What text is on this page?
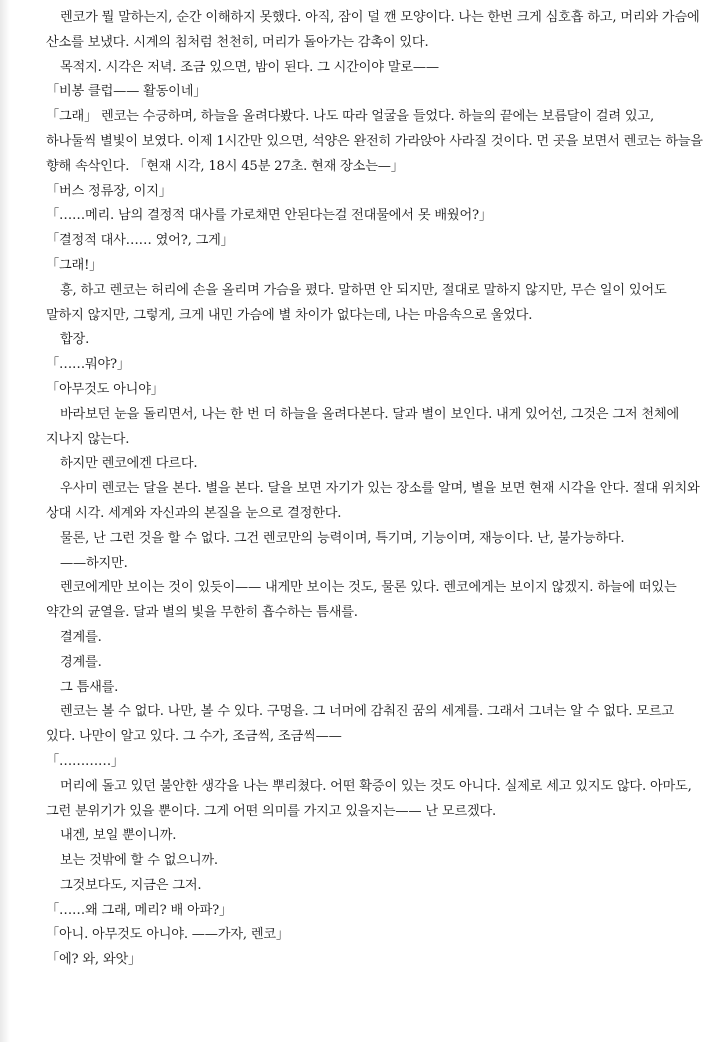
렌코가 뭘 말하는지, 순간 이해하지 못했다. 아직, 잠이 덜 깬 모양이다. 나는 한번 크게 심호흡 하고, 머리와 가슴에 산소를 보냈다. 시계의 침처럼 천천히, 머리가 돌아가는 감촉이 있다.

목적지. 시각은 저녁. 조금 있으면, 밤이 된다. 그 시간이야 말로——

「비봉 클럽—— 활동이네」

「그래」 렌코는 수긍하며, 하늘을 올려다봤다. 나도 따라 얼굴을 들었다. 하늘의 끝에는 보름달이 걸려 있고, 하나둘씩 별빛이 보였다. 이제 1시간만 있으면, 석양은 완전히 가라앉아 사라질 것이다. 먼 곳을 보면서 렌코는 하늘을 향해 속삭인다. 「현재 시각, 18시 45분 27초. 현재 장소는—」

「버스 정류장, 이지」

「……메리. 남의 결정적 대사를 가로채면 안된다는걸 전대물에서 못 배웠어?」

「결정적 대사…… 였어?, 그게」

「그래!」

흥, 하고 렌코는 허리에 손을 올리며 가슴을 폈다. 말하면 안 되지만, 절대로 말하지 않지만, 무슨 일이 있어도 말하지 않지만, 그렇게, 크게 내민 가슴에 별 차이가 없다는데, 나는 마음속으로 울었다.

합장.

「……뭐야?」

「아무것도 아니야」

바라보던 눈을 돌리면서, 나는 한 번 더 하늘을 올려다본다. 달과 별이 보인다. 내게 있어선, 그것은 그저 천체에 지나지 않는다.

하지만 렌코에겐 다르다.

우사미 렌코는 달을 본다. 별을 본다. 달을 보면 자기가 있는 장소를 알며, 별을 보면 현재 시각을 안다. 절대 위치와 상대 시각. 세계와 자신과의 본질을 눈으로 결정한다.

물론, 난 그런 것을 할 수 없다. 그건 렌코만의 능력이며, 특기며, 기능이며, 재능이다. 난, 불가능하다.

——하지만.

렌코에게만 보이는 것이 있듯이—— 내게만 보이는 것도, 물론 있다. 렌코에게는 보이지 않겠지. 하늘에 떠있는 약간의 균열을. 달과 별의 빛을 무한히 흡수하는 틈새를.

결계를.

경계를.

그 틈새를.

렌코는 볼 수 없다. 나만, 볼 수 있다. 구멍을. 그 너머에 감춰진 꿈의 세계를. 그래서 그녀는 알 수 없다. 모르고 있다. 나만이 알고 있다. 그 수가, 조금씩, 조금씩——

「…………」

머리에 돌고 있던 불안한 생각을 나는 뿌리쳤다. 어떤 확증이 있는 것도 아니다. 실제로 세고 있지도 않다. 아마도, 그런 분위기가 있을 뿐이다. 그게 어떤 의미를 가지고 있을지는—— 난 모르겠다.

내겐, 보일 뿐이니까.

보는 것밖에 할 수 없으니까.

그것보다도, 지금은 그저.

「……왜 그래, 메리? 배 아파?」

「아니. 아무것도 아니야. ——가자, 렌코」

「에? 와, 와앗」
